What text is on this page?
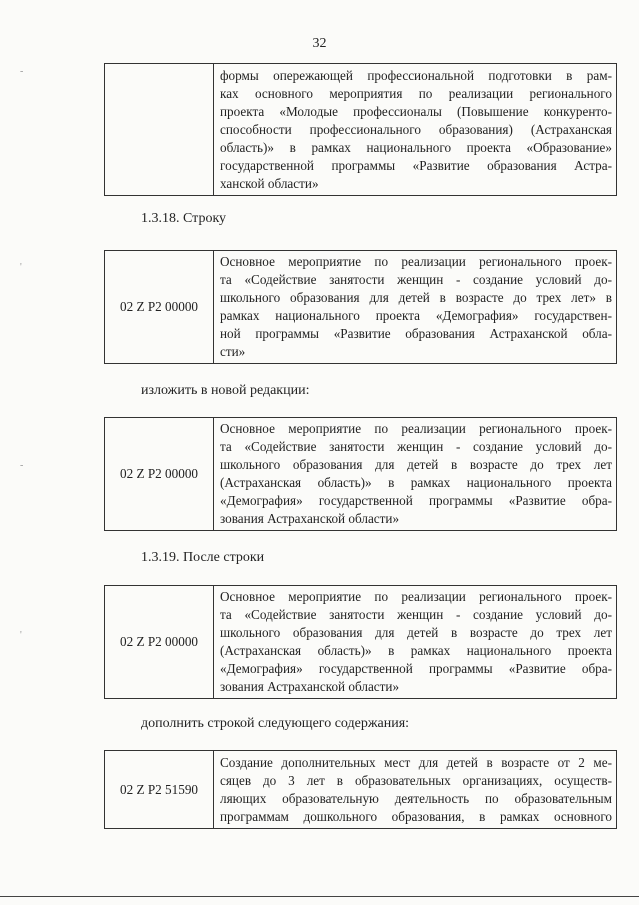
32
-
'
-
'

формы опережающей профессиональной подготовки в рам-
ках основного мероприятия по реализации регионального
проекта «Молодые профессионалы (Повышение конкуренто-
способности профессионального образования) (Астраханская
область)» в рамках национального проекта «Образование»
государственной программы «Развитие образования Астра-
ханской области»
1.3.18. Строку
02 Z P2 00000	
Основное мероприятие по реализации регионального проек-
та «Содействие занятости женщин - создание условий до-
школьного образования для детей в возрасте до трех лет» в
рамках национального проекта «Демография» государствен-
ной программы «Развитие образования Астраханской обла-
сти»
изложить в новой редакции:
02 Z P2 00000	
Основное мероприятие по реализации регионального проек-
та «Содействие занятости женщин - создание условий до-
школьного образования для детей в возрасте до трех лет
(Астраханская область)» в рамках национального проекта
«Демография» государственной программы «Развитие обра-
зования Астраханской области»
1.3.19. После строки
02 Z P2 00000	
Основное мероприятие по реализации регионального проек-
та «Содействие занятости женщин - создание условий до-
школьного образования для детей в возрасте до трех лет
(Астраханская область)» в рамках национального проекта
«Демография» государственной программы «Развитие обра-
зования Астраханской области»
дополнить строкой следующего содержания:
02 Z P2 51590	
Создание дополнительных мест для детей в возрасте от 2 ме-
сяцев до 3 лет в образовательных организациях, осуществ-
ляющих образовательную деятельность по образовательным
программам дошкольного образования, в рамках основного
